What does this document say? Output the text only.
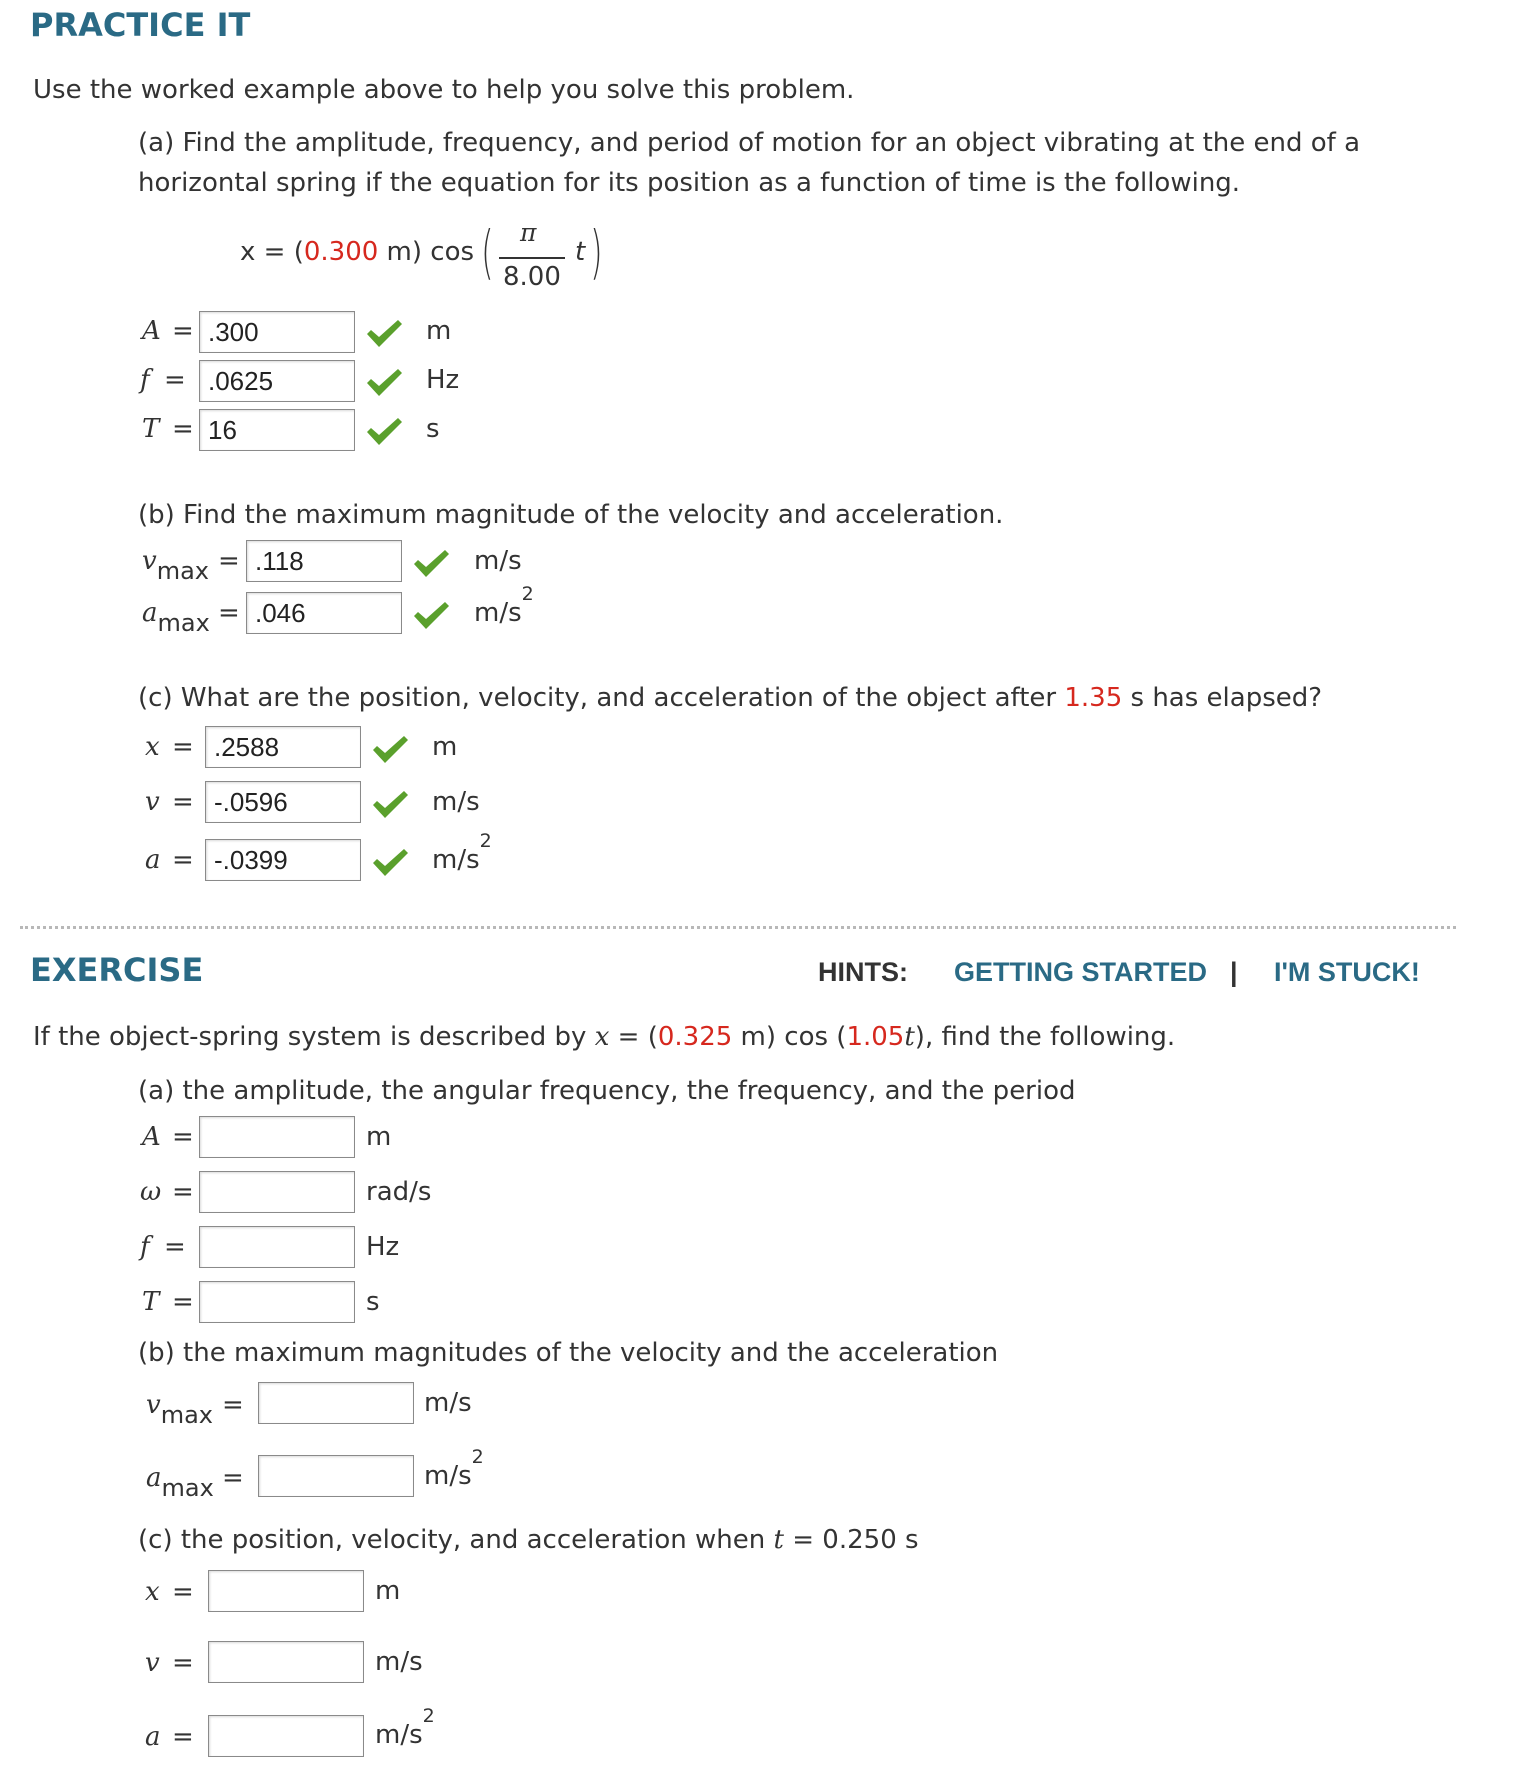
PRACTICE IT
Use the worked example above to help you solve this problem.
(a) Find the amplitude, frequency, and period of motion for an object vibrating at the end of a
horizontal spring if the equation for its position as a function of time is the following.
x = (0.300 m) cos ( π
8.00
t )
A = .300	m
f = .0625	Hz
T = 16	s
(b) Find the maximum magnitude of the velocity and acceleration.
vmax = .118	m/s
amax = .046	$m/s^2$
(c) What are the position, velocity, and acceleration of the object after 1.35 s has elapsed?
x = .2588	m
v = -.0596	m/s
a = -.0399	$m/s^2$
EXERCISE	HINTS: GETTING STARTED | I'M STUCK!
If the object-spring system is described by x = (0.325 m) cos (1.05t), find the following.
(a) the amplitude, the angular frequency, the frequency, and the period
A =	m
ω =	rad/s
f =	Hz
T =	s
(b) the maximum magnitudes of the velocity and the acceleration
vmax =	m/s
amax =	$m/s^2$
(c) the position, velocity, and acceleration when t = 0.250 s
x =	m
v =	m/s
a =	$m/s^2$
